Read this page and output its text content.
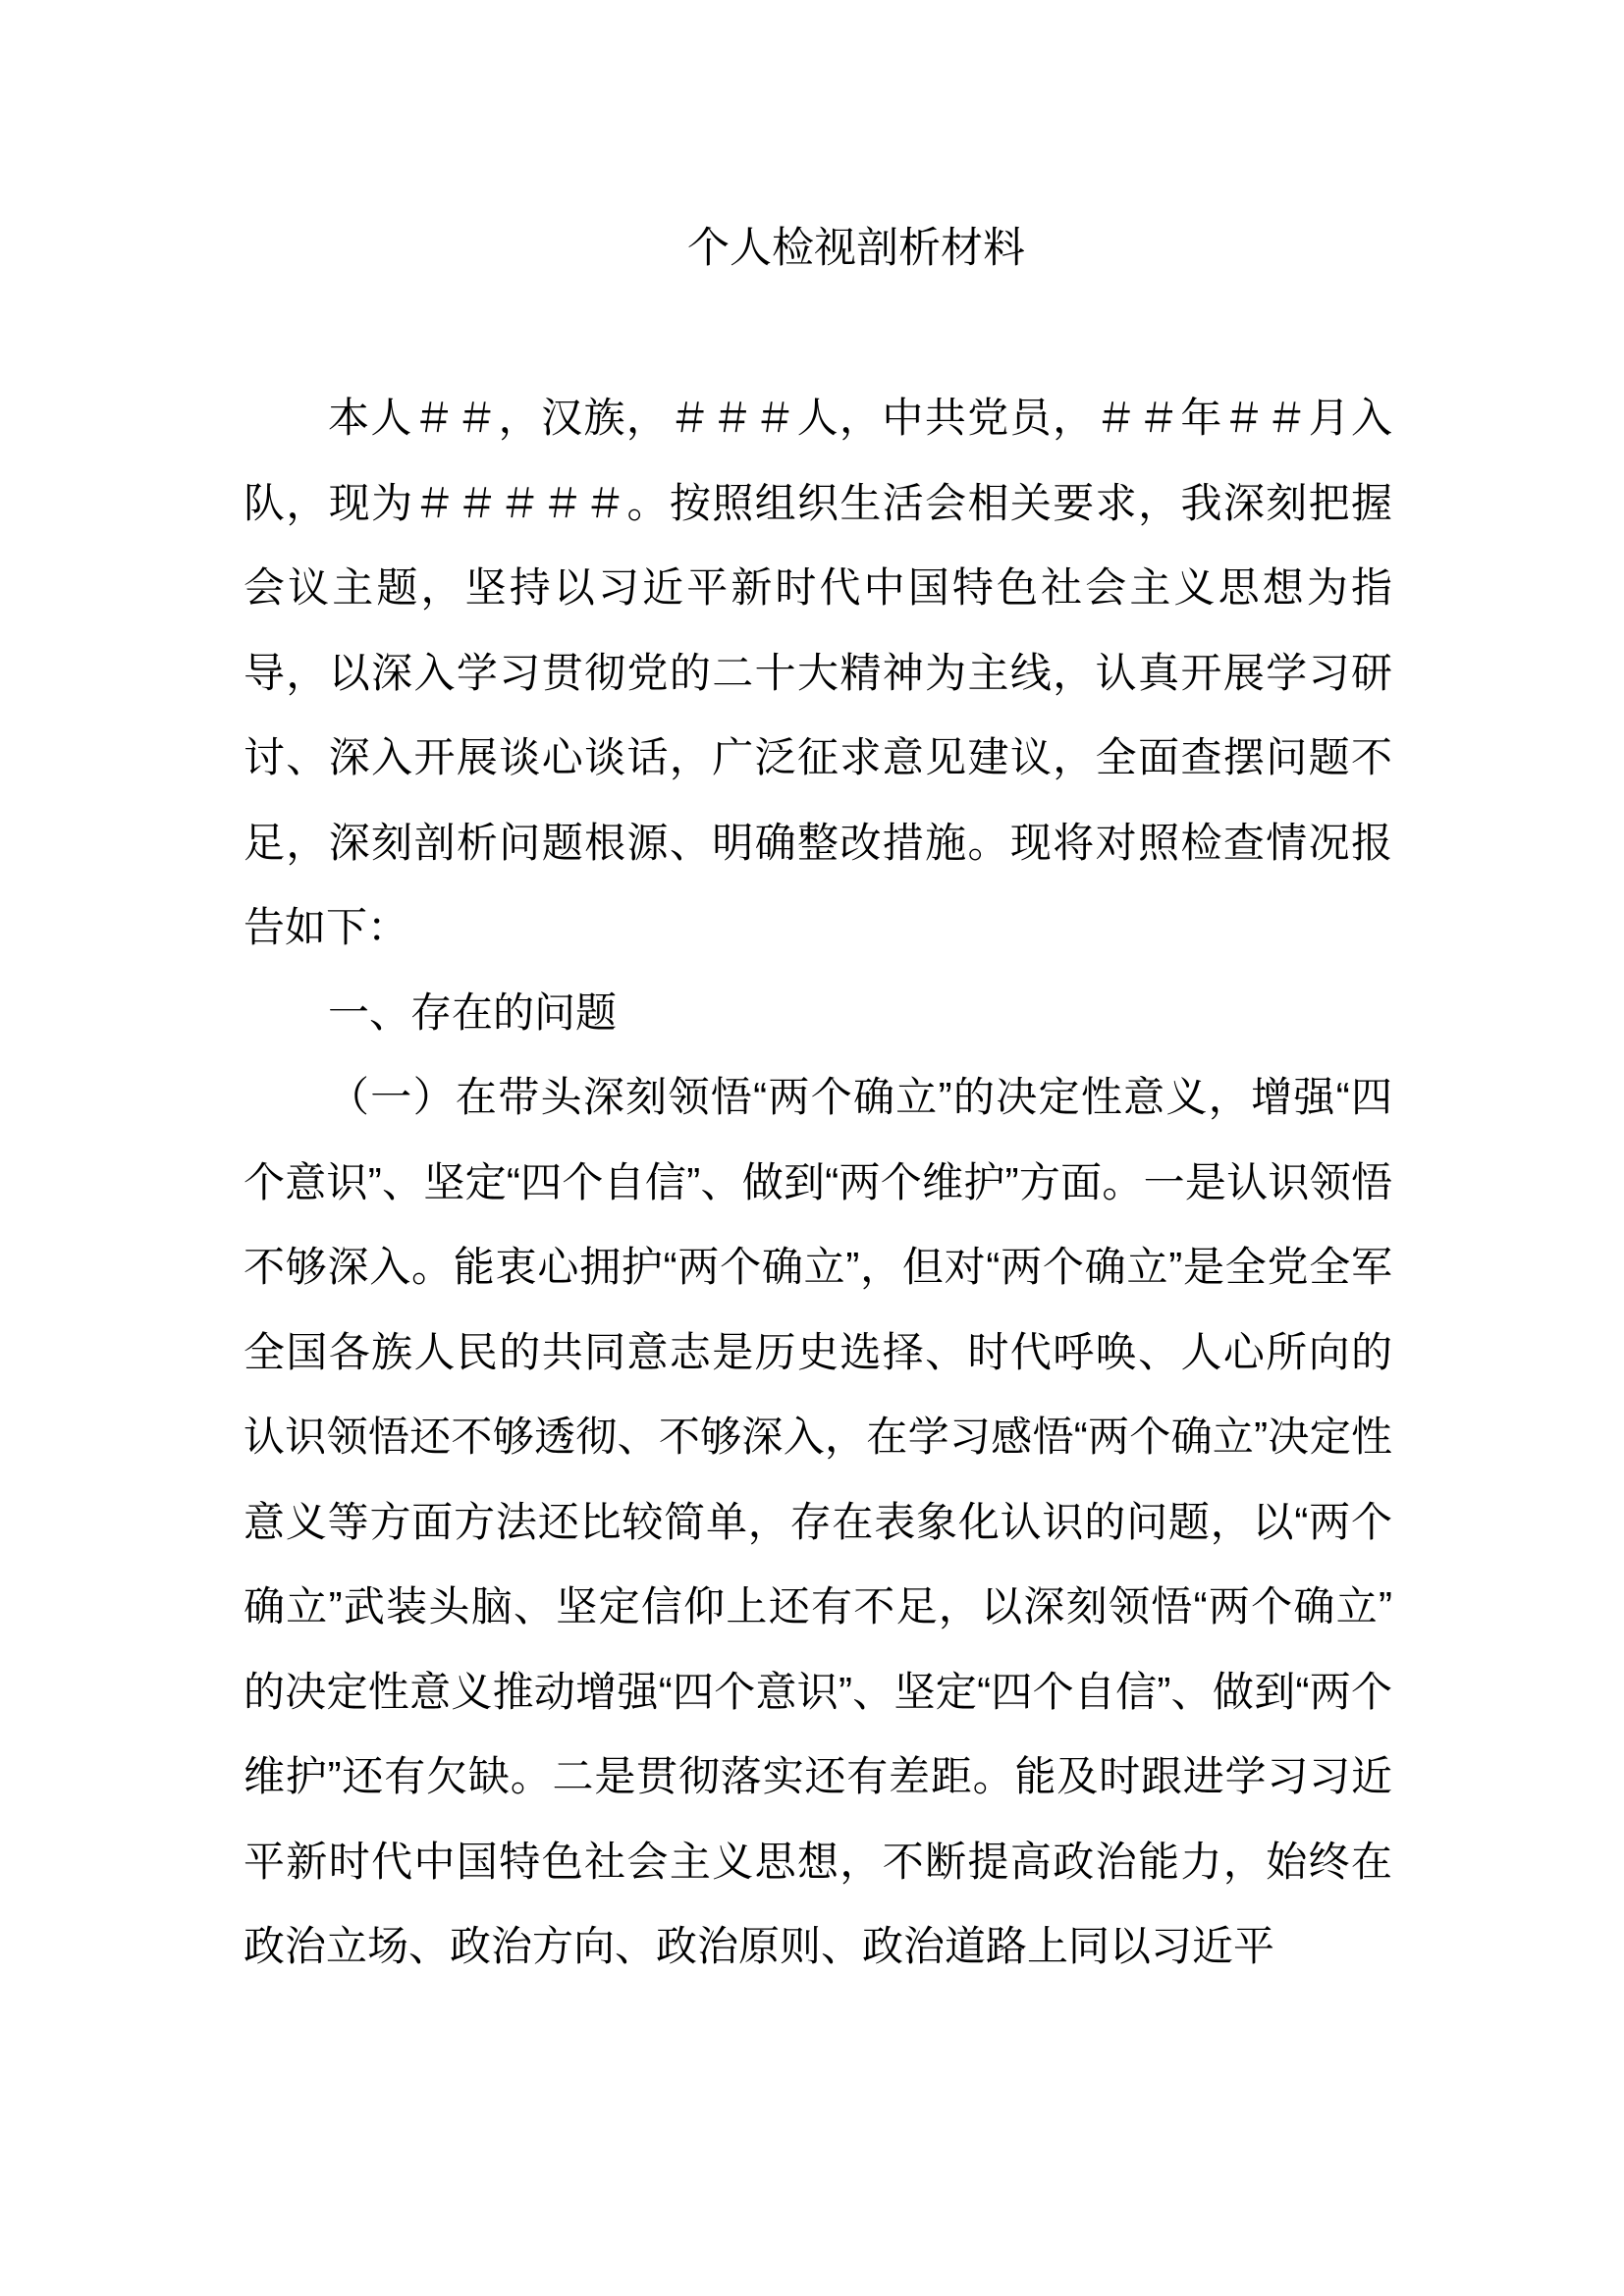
个人检视剖析材料

本人＃＃，汉族，＃＃＃人，中共党员，＃＃年＃＃月入队，现为＃＃＃＃＃。按照组织生活会相关要求，我深刻把握会议主题，坚持以习近平新时代中国特色社会主义思想为指导，以深入学习贯彻党的二十大精神为主线，认真开展学习研讨、深入开展谈心谈话，广泛征求意见建议，全面查摆问题不足，深刻剖析问题根源、明确整改措施。现将对照检查情况报告如下：

一、存在的问题

（一）在带头深刻领悟“两个确立”的决定性意义，增强“四个意识”、坚定“四个自信”、做到“两个维护”方面。一是认识领悟不够深入。能衷心拥护“两个确立”，但对“两个确立”是全党全军全国各族人民的共同意志是历史选择、时代呼唤、人心所向的认识领悟还不够透彻、不够深入，在学习感悟“两个确立”决定性意义等方面方法还比较简单，存在表象化认识的问题，以“两个确立”武装头脑、坚定信仰上还有不足，以深刻领悟“两个确立”的决定性意义推动增强“四个意识”、坚定“四个自信”、做到“两个维护”还有欠缺。二是贯彻落实还有差距。能及时跟进学习习近平新时代中国特色社会主义思想，不断提高政治能力，始终在政治立场、政治方向、政治原则、政治道路上同以习近平
